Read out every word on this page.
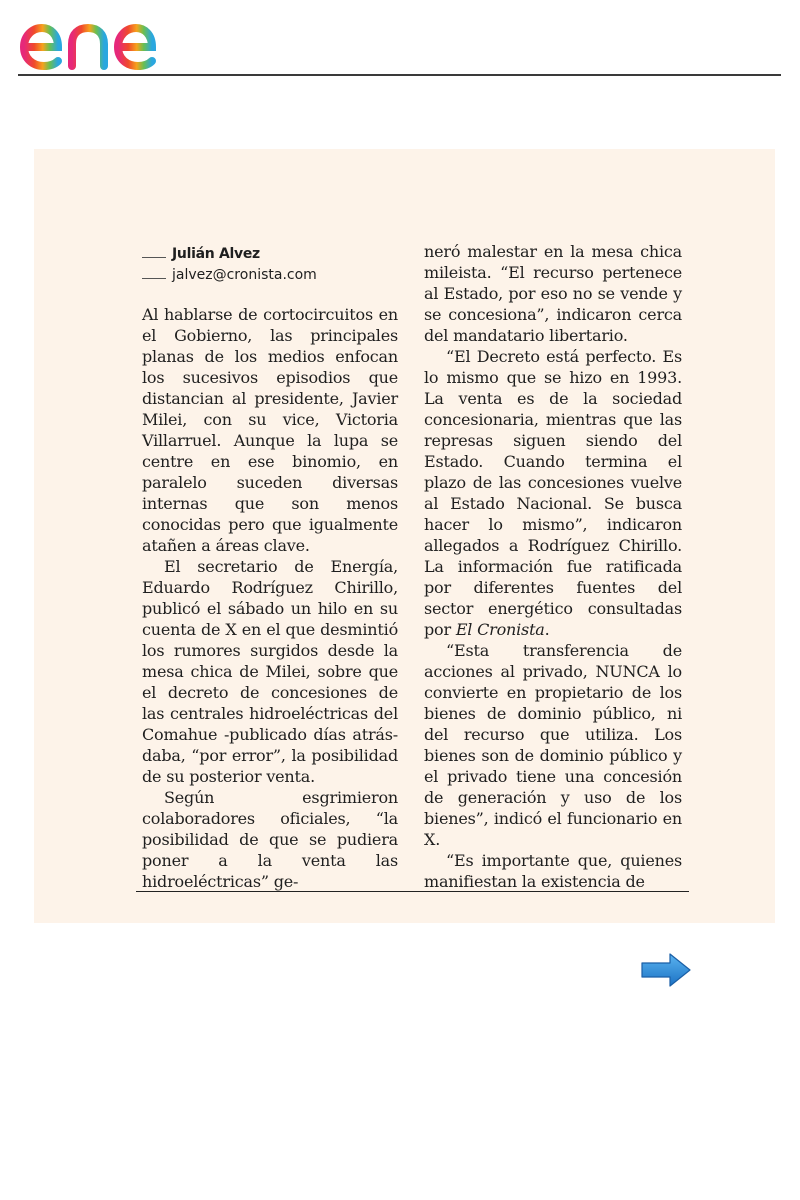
Julián Alvez
jalvez@cronista.com

Al hablarse de cortocircuitos en el Gobierno, las principales planas de los medios enfocan los sucesivos episodios que distancian al presidente, Javier Milei, con su vice, Victoria Villarruel. Aunque la lupa se centre en ese binomio, en paralelo suceden diversas internas que son menos conocidas pero que igualmente atañen a áreas clave.

El secretario de Energía, Eduardo Rodríguez Chirillo, publicó el sábado un hilo en su cuenta de X en el que desmintió los rumores surgidos desde la mesa chica de Milei, sobre que el decreto de concesiones de las centrales hidroeléctricas del Comahue -publicado días atrás- daba, “por error”, la posibilidad de su posterior venta.

Según esgrimieron colaboradores oficiales, “la posibilidad de que se pudiera poner a la venta las hidroeléctricas” ge-

neró malestar en la mesa chica mileista. “El recurso pertenece al Estado, por eso no se vende y se concesiona”, indicaron cerca del mandatario libertario.

“El Decreto está perfecto. Es lo mismo que se hizo en 1993. La venta es de la sociedad concesionaria, mientras que las represas siguen siendo del Estado. Cuando termina el plazo de las concesiones vuelve al Estado Nacional. Se busca hacer lo mismo”, indicaron allegados a Rodríguez Chirillo. La información fue ratificada por diferentes fuentes del sector energético consultadas por El Cronista.

“Esta transferencia de acciones al privado, NUNCA lo convierte en propietario de los bienes de dominio público, ni del recurso que utiliza. Los bienes son de dominio público y el privado tiene una concesión de generación y uso de los bienes”, indicó el funcionario en X.

“Es importante que, quienes manifiestan la existencia de
